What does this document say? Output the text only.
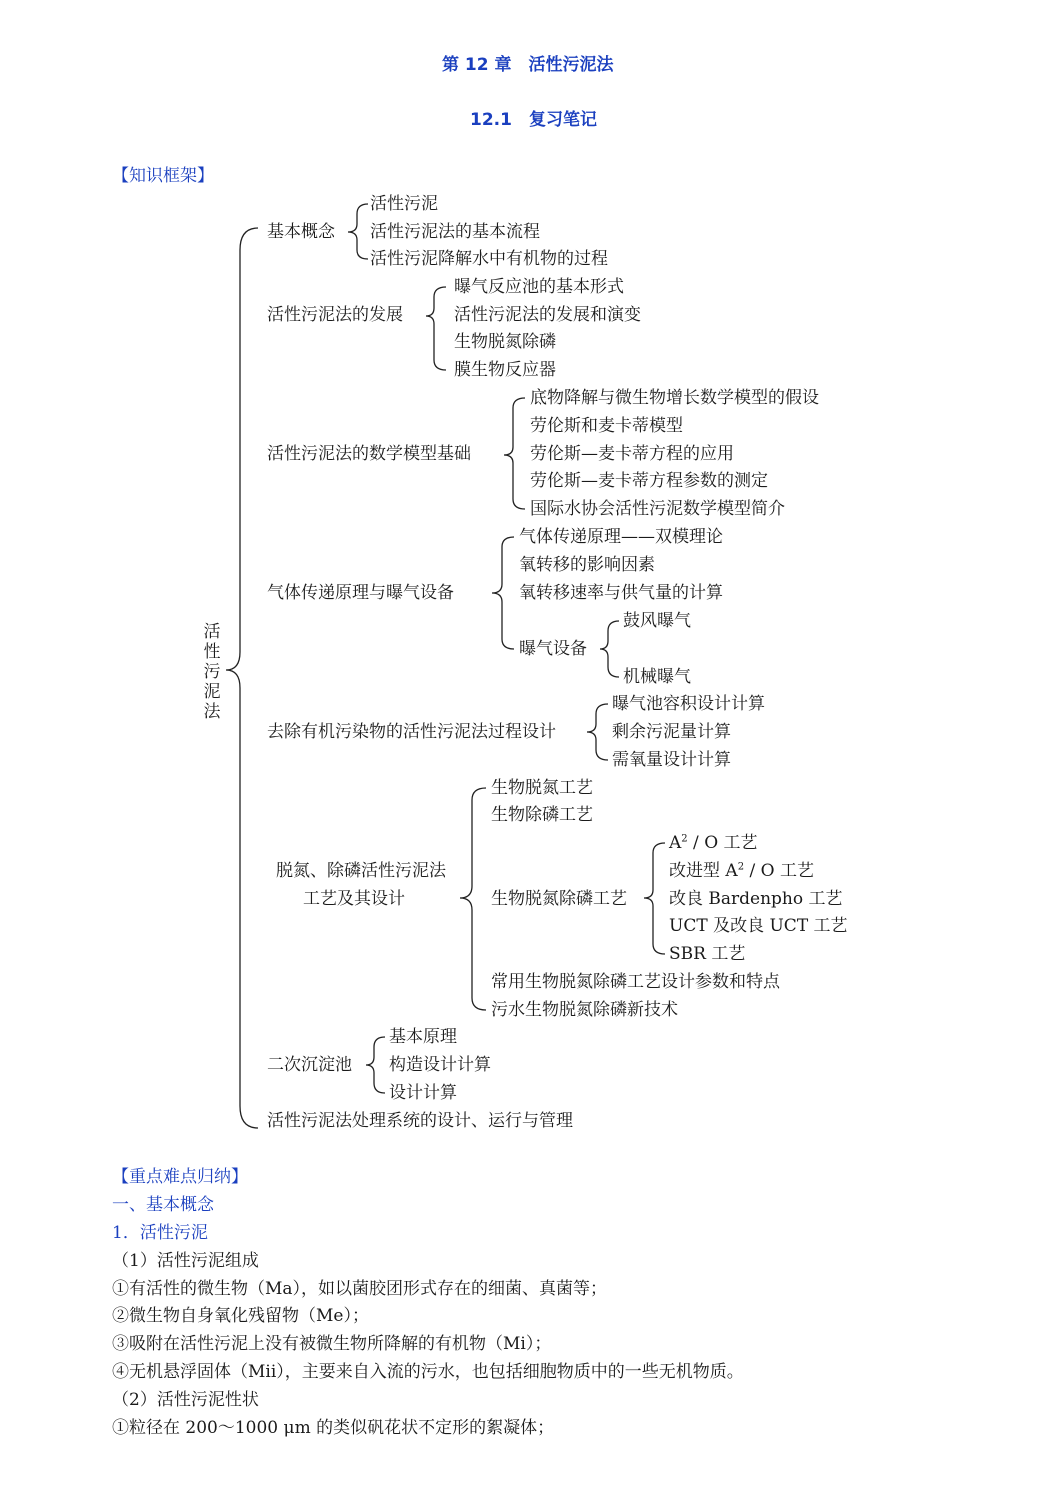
第 12 章　活性污泥法
12.1　复习笔记
【知识框架】
活性污泥法
基本概念
活性污泥
活性污泥法的基本流程
活性污泥降解水中有机物的过程
活性污泥法的发展
曝气反应池的基本形式
活性污泥法的发展和演变
生物脱氮除磷
膜生物反应器
活性污泥法的数学模型基础
底物降解与微生物增长数学模型的假设
劳伦斯和麦卡蒂模型
劳伦斯—麦卡蒂方程的应用
劳伦斯—麦卡蒂方程参数的测定
国际水协会活性污泥数学模型简介
气体传递原理与曝气设备
气体传递原理——双模理论
氧转移的影响因素
氧转移速率与供气量的计算
曝气设备
鼓风曝气
机械曝气
去除有机污染物的活性污泥法过程设计
曝气池容积设计计算
剩余污泥量计算
需氧量设计计算
脱氮、除磷活性污泥法
工艺及其设计
生物脱氮工艺
生物除磷工艺
生物脱氮除磷工艺
$A^2$ / O 工艺
改进型 $A^2$ / O 工艺
改良 Bardenpho 工艺
UCT 及改良 UCT 工艺
SBR 工艺
常用生物脱氮除磷工艺设计参数和特点
污水生物脱氮除磷新技术
二次沉淀池
基本原理
构造设计计算
设计计算
活性污泥法处理系统的设计、运行与管理
【重点难点归纳】
一、基本概念
1．活性污泥
（1）活性污泥组成
①有活性的微生物（Ma），如以菌胶团形式存在的细菌、真菌等；
②微生物自身氧化残留物（Me）；
③吸附在活性污泥上没有被微生物所降解的有机物（Mi）；
④无机悬浮固体（Mii），主要来自入流的污水，也包括细胞物质中的一些无机物质。
（2）活性污泥性状
①粒径在 200～1000 μm 的类似矾花状不定形的絮凝体；
